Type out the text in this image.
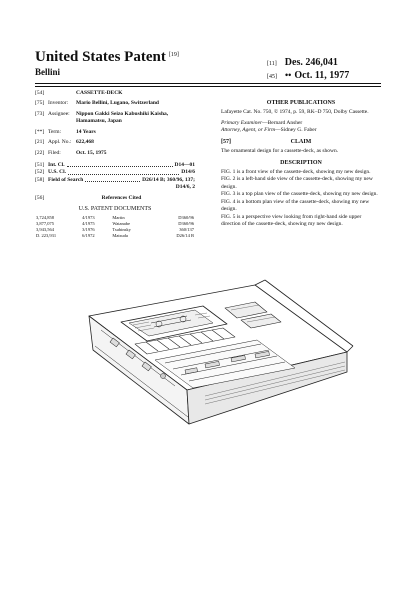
United States Patent [19]
Bellini
[11] Des. 246,041
[45] •• Oct. 11, 1977
[54]	CASSETTE-DECK
[75] Inventor:	Mario Bellini, Lugano, Switzerland
[73] Assignee:	Nippon Gakki Seizo Kabushiki Kaisha, Hamamatsu, Japan
[**] Term:	14 Years
[21] Appl. No.: 622,468
[22] Filed:	Oct. 15, 1975
[51] Int. Cl.	D14—01
[52] U.S. Cl.	D14/6
[58] Field of Search	D26/14 B; 360/96, 137;
D14/6, 2
[56]	References Cited
U.S. PATENT DOCUMENTS
3,724,858	4/1973	Martin	D360/96
3,877,075	4/1975	Watanabe	D360/96
3,943,564	3/1976	Tsubinsky	360/137
D. 223,931	6/1972	Matsuda	D26/14 B
OTHER PUBLICATIONS
Lafayette Cat. No. 750, © 1974, p. 59, RK–D 750, Dolby Cassette.
Primary Examiner—Bernard Ansher
Attorney, Agent, or Firm—Sidney G. Faber
[57]	CLAIM
The ornamental design for a cassette-deck, as shown.
DESCRIPTION
FIG. 1 is a front view of the cassette-deck, showing my new design.
FIG. 2 is a left-hand side view of the cassette-deck, showing my new design.
FIG. 3 is a top plan view of the cassette-deck, showing my new design.
FIG. 4 is a bottom plan view of the cassette-deck, showing my new design.
FIG. 5 is a perspective view looking from right-hand side upper direction of the cassette-deck, showing my new design.
